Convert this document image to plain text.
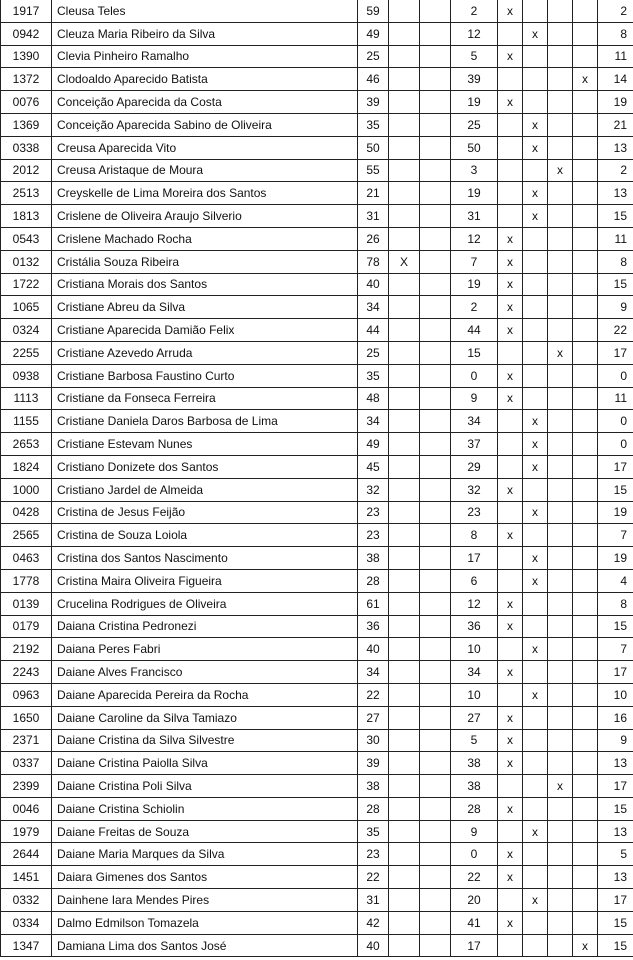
1917	Cleusa Teles	59			2	x				2
0942	Cleuza Maria Ribeiro da Silva	49			12		x			8
1390	Clevia Pinheiro Ramalho	25			5	x				11
1372	Clodoaldo Aparecido Batista	46			39				x	14
0076	Conceição Aparecida da Costa	39			19	x				19
1369	Conceição Aparecida Sabino de Oliveira	35			25		x			21
0338	Creusa Aparecida Vito	50			50		x			13
2012	Creusa Aristaque de Moura	55			3			x		2
2513	Creyskelle de Lima Moreira dos Santos	21			19		x			13
1813	Crislene de Oliveira Araujo Silverio	31			31		x			15
0543	Crislene Machado Rocha	26			12	x				11
0132	Cristália Souza Ribeira	78	X		7	x				8
1722	Cristiana Morais dos Santos	40			19	x				15
1065	Cristiane Abreu da Silva	34			2	x				9
0324	Cristiane Aparecida Damião Felix	44			44	x				22
2255	Cristiane Azevedo Arruda	25			15			x		17
0938	Cristiane Barbosa Faustino Curto	35			0	x				0
1113	Cristiane da Fonseca Ferreira	48			9	x				11
1155	Cristiane Daniela Daros Barbosa de Lima	34			34		x			0
2653	Cristiane Estevam Nunes	49			37		x			0
1824	Cristiano Donizete dos Santos	45			29		x			17
1000	Cristiano Jardel de Almeida	32			32	x				15
0428	Cristina de Jesus Feijão	23			23		x			19
2565	Cristina de Souza Loiola	23			8	x				7
0463	Cristina dos Santos Nascimento	38			17		x			19
1778	Cristina Maira Oliveira Figueira	28			6		x			4
0139	Crucelina Rodrigues de Oliveira	61			12	x				8
0179	Daiana Cristina Pedronezi	36			36	x				15
2192	Daiana Peres Fabri	40			10		x			7
2243	Daiane Alves Francisco	34			34	x				17
0963	Daiane Aparecida Pereira da Rocha	22			10		x			10
1650	Daiane Caroline da Silva Tamiazo	27			27	x				16
2371	Daiane Cristina da Silva Silvestre	30			5	x				9
0337	Daiane Cristina Paiolla Silva	39			38	x				13
2399	Daiane Cristina Poli Silva	38			38			x		17
0046	Daiane Cristina Schiolin	28			28	x				15
1979	Daiane Freitas de Souza	35			9		x			13
2644	Daiane Maria Marques da Silva	23			0	x				5
1451	Daiara Gimenes dos Santos	22			22	x				13
0332	Dainhene Iara Mendes Pires	31			20		x			17
0334	Dalmo Edmilson Tomazela	42			41	x				15
1347	Damiana Lima dos Santos José	40			17				x	15
